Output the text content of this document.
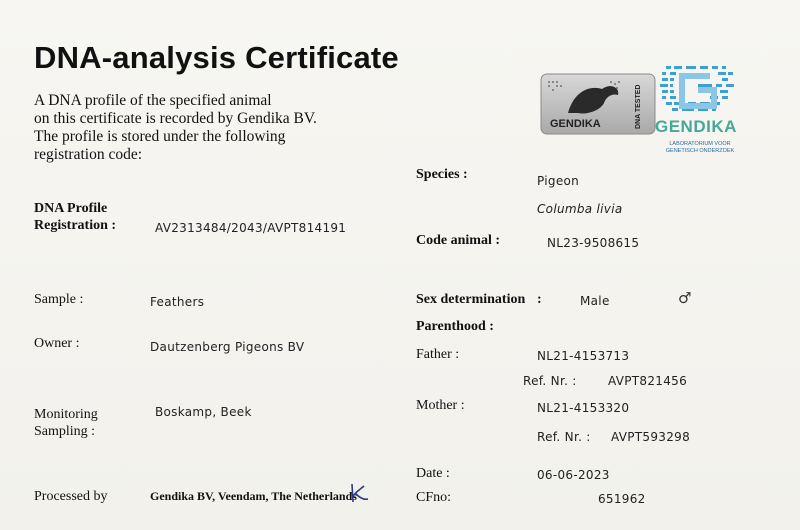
DNA-analysis Certificate
A DNA profile of the specified animal
on this certificate is recorded by Gendika BV.
The profile is stored under the following
registration code:
GENDIKA	DNA TESTED GENDIKA
LABORATORIUM VOOR
GENETISCH ONDERZOEK
DNA Profile
Registration :	AV2313484/2043/AVPT814191
Sample :	Feathers
Owner :	Dautzenberg Pigeons BV
Monitoring
Sampling :
Boskamp, Beek
Processed by	Gendika BV, Veendam, The Netherlands
Species :	Pigeon
Columba livia
Code animal :	NL23-9508615
Sex determination :	Male	♂
Parenthood :
Father :	NL21-4153713
Ref. Nr. :	AVPT821456
Mother :	NL21-4153320
Ref. Nr. : AVPT593298
Date :	06-06-2023
CFno:	651962
